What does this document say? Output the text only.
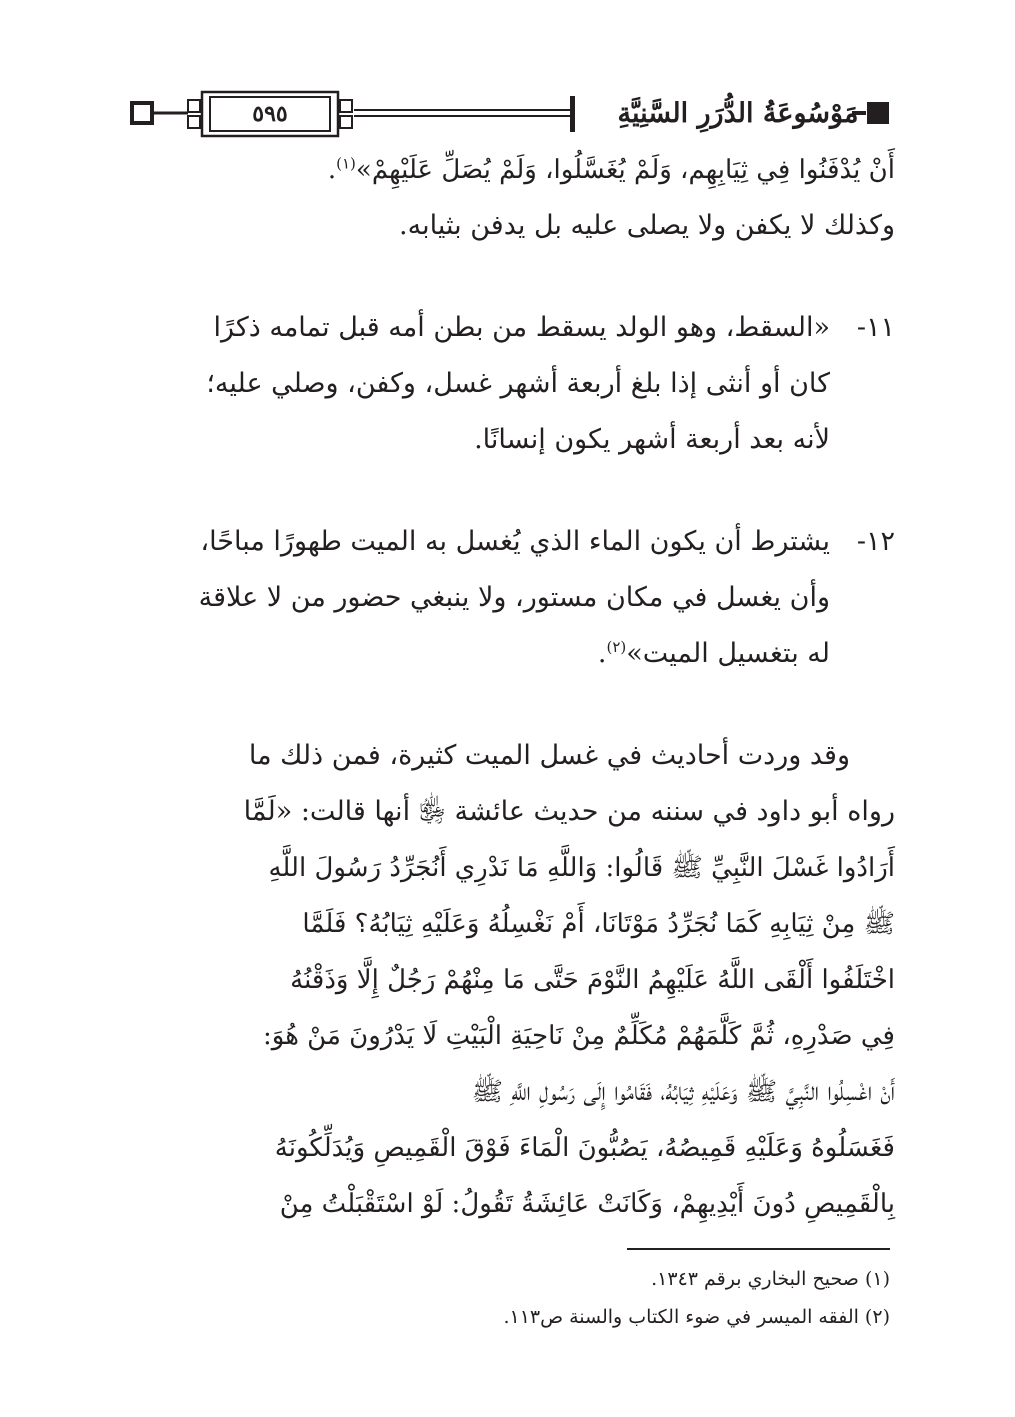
٥٩٥	مَوْسُوعَةُ الدُّرَرِ السَّنِيَّةِ
أَنْ يُدْفَنُوا فِي ثِيَابِهِم، وَلَمْ يُغَسَّلُوا، وَلَمْ يُصَلِّ عَلَيْهِمْ»$^{(١)}$.
وكذلك لا يكفن ولا يصلى عليه بل يدفن بثيابه.
١١-
«السقط، وهو الولد يسقط من بطن أمه قبل تمامه ذكرًا
كان أو أنثى إذا بلغ أربعة أشهر غسل، وكفن، وصلي عليه؛
لأنه بعد أربعة أشهر يكون إنسانًا.
١٢-
يشترط أن يكون الماء الذي يُغسل به الميت طهورًا مباحًا،
وأن يغسل في مكان مستور، ولا ينبغي حضور من لا علاقة
له بتغسيل الميت»$^{(٢)}$.
وقد وردت أحاديث في غسل الميت كثيرة، فمن ذلك ما
رواه أبو داود في سننه من حديث عائشة ﵂ أنها قالت: «لَمَّا
أَرَادُوا غَسْلَ النَّبِيِّ ﷺ قَالُوا: وَاللَّهِ مَا نَدْرِي أَنُجَرِّدُ رَسُولَ اللَّهِ
ﷺ مِنْ ثِيَابِهِ كَمَا نُجَرِّدُ مَوْتَانَا، أَمْ نَغْسِلُهُ وَعَلَيْهِ ثِيَابُهُ؟ فَلَمَّا
اخْتَلَفُوا أَلْقَى اللَّهُ عَلَيْهِمُ النَّوْمَ حَتَّى مَا مِنْهُمْ رَجُلٌ إِلَّا وَذَقْنُهُ
فِي صَدْرِهِ، ثُمَّ كَلَّمَهُمْ مُكَلِّمٌ مِنْ نَاحِيَةِ الْبَيْتِ لَا يَدْرُونَ مَنْ هُوَ:
أَنْ اغْسِلُوا النَّبِيَّ ﷺ وَعَلَيْهِ ثِيَابُهُ، فَقَامُوا إِلَى رَسُولِ اللَّهِ ﷺ
فَغَسَلُوهُ وَعَلَيْهِ قَمِيصُهُ، يَصُبُّونَ الْمَاءَ فَوْقَ الْقَمِيصِ وَيُدَلِّكُونَهُ
بِالْقَمِيصِ دُونَ أَيْدِيهِمْ، وَكَانَتْ عَائِشَةُ تَقُولُ: لَوْ اسْتَقْبَلْتُ مِنْ
(١) صحيح البخاري برقم ١٣٤٣.
(٢) الفقه الميسر في ضوء الكتاب والسنة ص١١٣.
